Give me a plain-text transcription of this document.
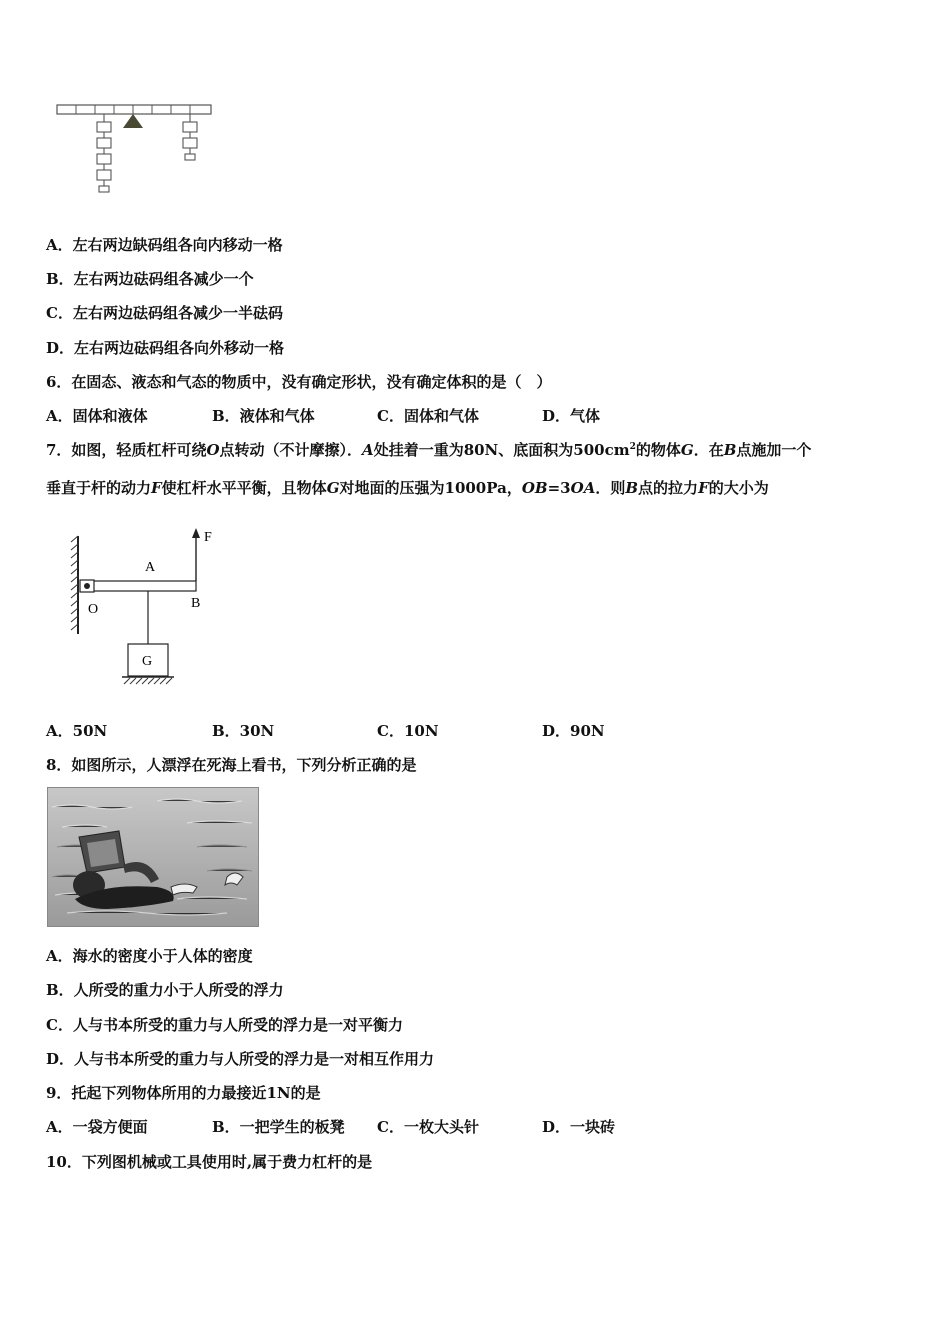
A．左右两边缺码组各向内移动一格
B．左右两边砝码组各减少一个
C．左右两边砝码组各减少一半砝码
D．左右两边砝码组各向外移动一格
6．在固态、液态和气态的物质中，没有确定形状，没有确定体积的是（　）
A．固体和液体	B．液体和气体	C．固体和气体	D．气体
7．如图，轻质杠杆可绕O点转动（不计摩擦）．A处挂着一重为80N、底面积为$500cm^2$的物体G．在B点施加一个
垂直于杆的动力F使杠杆水平平衡，且物体G对地面的压强为1000Pa，OB=3OA．则B点的拉力F的大小为
F
A
O	B
G
A．50N	B．30N	C．10N	D．90N
8．如图所示，人漂浮在死海上看书，下列分析正确的是
A．海水的密度小于人体的密度
B．人所受的重力小于人所受的浮力
C．人与书本所受的重力与人所受的浮力是一对平衡力
D．人与书本所受的重力与人所受的浮力是一对相互作用力
9．托起下列物体所用的力最接近1N的是
A．一袋方便面	B．一把学生的板凳 C．一枚大头针	D．一块砖
10．下列图机械或工具使用时,属于费力杠杆的是
